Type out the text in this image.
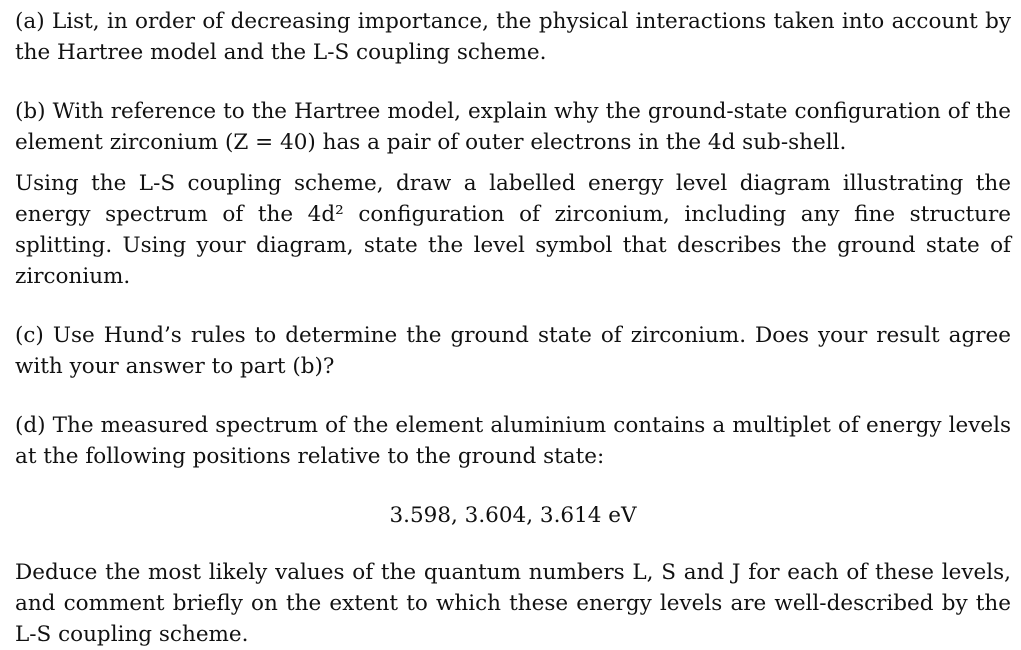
(a) List, in order of decreasing importance, the physical interactions taken into account by the Hartree model and the L-S coupling scheme.

(b) With reference to the Hartree model, explain why the ground-state configuration of the element zirconium (Z = 40) has a pair of outer electrons in the 4d sub-shell.

Using the L-S coupling scheme, draw a labelled energy level diagram illustrating the energy spectrum of the 4d² configuration of zirconium, including any fine structure splitting. Using your diagram, state the level symbol that describes the ground state of zirconium.

(c) Use Hund’s rules to determine the ground state of zirconium. Does your result agree with your answer to part (b)?

(d) The measured spectrum of the element aluminium contains a multiplet of energy levels at the following positions relative to the ground state:

3.598, 3.604, 3.614 eV

Deduce the most likely values of the quantum numbers L, S and J for each of these levels, and comment briefly on the extent to which these energy levels are well-described by the L-S coupling scheme.
